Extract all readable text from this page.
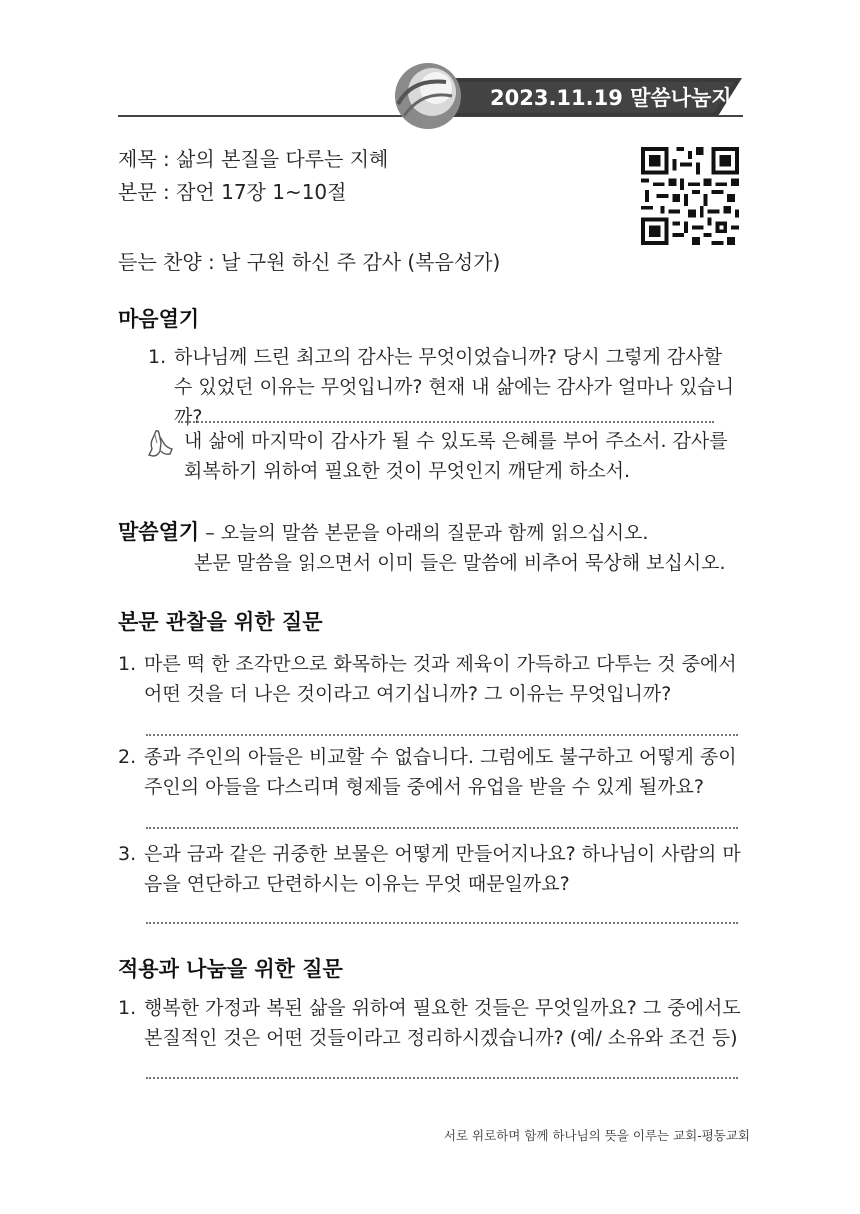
2023.11.19 말씀나눔지
제목 : 삶의 본질을 다루는 지혜
본문 : 잠언 17장 1~10절
듣는 찬양 : 날 구원 하신 주 감사 (복음성가)
마음열기
1. 하나님께 드린 최고의 감사는 무엇이었습니까? 당시 그렇게 감사할 수 있었던 이유는 무엇입니까? 현재 내 삶에는 감사가 얼마나 있습니까?
내 삶에 마지막이 감사가 될 수 있도록 은혜를 부어 주소서. 감사를 회복하기 위하여 필요한 것이 무엇인지 깨닫게 하소서.
말씀열기 – 오늘의 말씀 본문을 아래의 질문과 함께 읽으십시오.
본문 말씀을 읽으면서 이미 들은 말씀에 비추어 묵상해 보십시오.
본문 관찰을 위한 질문
1. 마른 떡 한 조각만으로 화목하는 것과 제육이 가득하고 다투는 것 중에서 어떤 것을 더 나은 것이라고 여기십니까? 그 이유는 무엇입니까?
2. 종과 주인의 아들은 비교할 수 없습니다. 그럼에도 불구하고 어떻게 종이 주인의 아들을 다스리며 형제들 중에서 유업을 받을 수 있게 될까요?
3. 은과 금과 같은 귀중한 보물은 어떻게 만들어지나요? 하나님이 사람의 마음을 연단하고 단련하시는 이유는 무엇 때문일까요?
적용과 나눔을 위한 질문
1. 행복한 가정과 복된 삶을 위하여 필요한 것들은 무엇일까요? 그 중에서도 본질적인 것은 어떤 것들이라고 정리하시겠습니까? (예/ 소유와 조건 등)
서로 위로하며 함께 하나님의 뜻을 이루는 교회-평동교회
